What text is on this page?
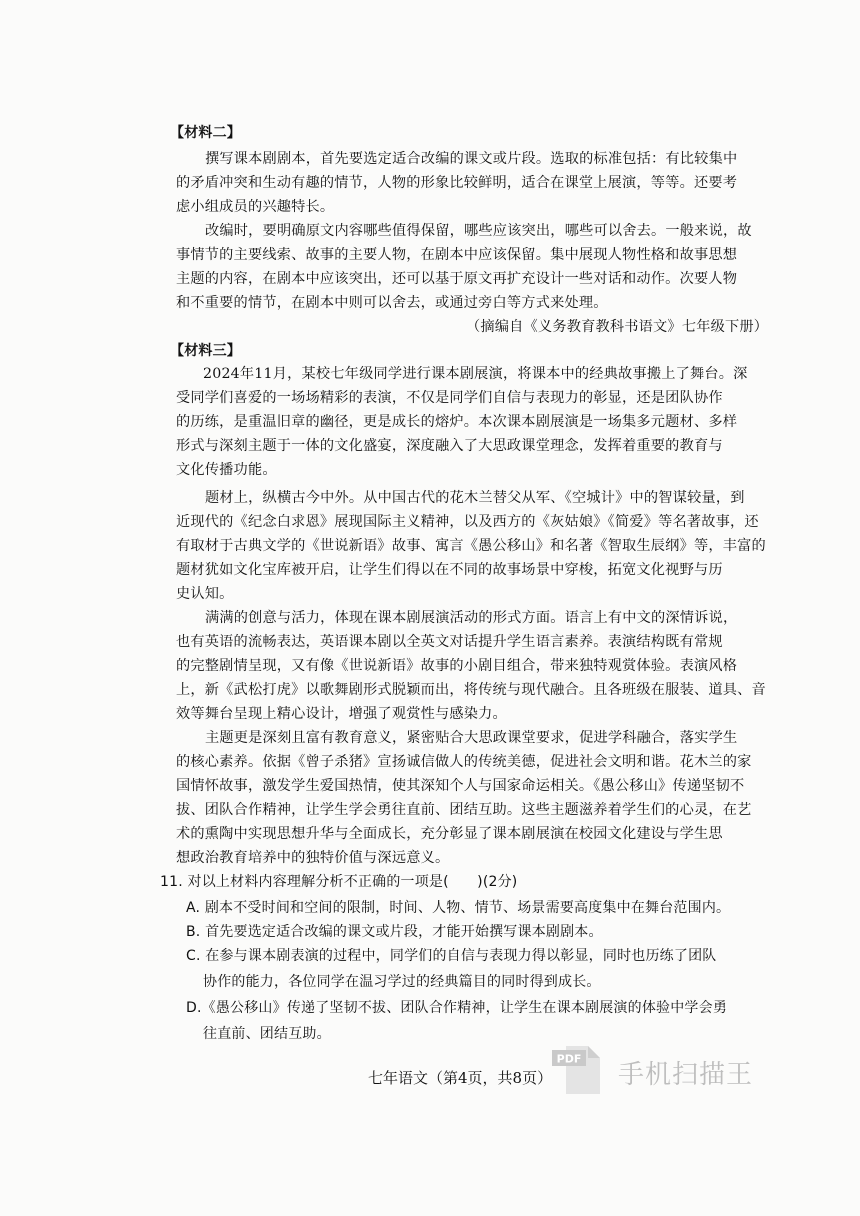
【材料二】
撰写课本剧剧本，首先要选定适合改编的课文或片段。选取的标准包括：有比较集中
的矛盾冲突和生动有趣的情节，人物的形象比较鲜明，适合在课堂上展演，等等。还要考
虑小组成员的兴趣特长。
改编时，要明确原文内容哪些值得保留，哪些应该突出，哪些可以舍去。一般来说，故
事情节的主要线索、故事的主要人物，在剧本中应该保留。集中展现人物性格和故事思想
主题的内容，在剧本中应该突出，还可以基于原文再扩充设计一些对话和动作。次要人物
和不重要的情节，在剧本中则可以舍去，或通过旁白等方式来处理。
（摘编自《义务教育教科书语文》七年级下册）
【材料三】
2024年11月，某校七年级同学进行课本剧展演，将课本中的经典故事搬上了舞台。深
受同学们喜爱的一场场精彩的表演，不仅是同学们自信与表现力的彰显，还是团队协作
的历练，是重温旧章的幽径，更是成长的熔炉。本次课本剧展演是一场集多元题材、多样
形式与深刻主题于一体的文化盛宴，深度融入了大思政课堂理念，发挥着重要的教育与
文化传播功能。
题材上，纵横古今中外。从中国古代的花木兰替父从军、《空城计》中的智谋较量，到
近现代的《纪念白求恩》展现国际主义精神，以及西方的《灰姑娘》《简爱》等名著故事，还
有取材于古典文学的《世说新语》故事、寓言《愚公移山》和名著《智取生辰纲》等，丰富的
题材犹如文化宝库被开启，让学生们得以在不同的故事场景中穿梭，拓宽文化视野与历
史认知。
满满的创意与活力，体现在课本剧展演活动的形式方面。语言上有中文的深情诉说，
也有英语的流畅表达，英语课本剧以全英文对话提升学生语言素养。表演结构既有常规
的完整剧情呈现，又有像《世说新语》故事的小剧目组合，带来独特观赏体验。表演风格
上，新《武松打虎》以歌舞剧形式脱颖而出，将传统与现代融合。且各班级在服装、道具、音
效等舞台呈现上精心设计，增强了观赏性与感染力。
主题更是深刻且富有教育意义，紧密贴合大思政课堂要求，促进学科融合，落实学生
的核心素养。依据《曾子杀猪》宣扬诚信做人的传统美德，促进社会文明和谐。花木兰的家
国情怀故事，激发学生爱国热情，使其深知个人与国家命运相关。《愚公移山》传递坚韧不
拔、团队合作精神，让学生学会勇往直前、团结互助。这些主题滋养着学生们的心灵，在艺
术的熏陶中实现思想升华与全面成长，充分彰显了课本剧展演在校园文化建设与学生思
想政治教育培养中的独特价值与深远意义。
11. 对以上材料内容理解分析不正确的一项是(　　)(2分)
A. 剧本不受时间和空间的限制，时间、人物、情节、场景需要高度集中在舞台范围内。
B. 首先要选定适合改编的课文或片段，才能开始撰写课本剧剧本。
C. 在参与课本剧表演的过程中，同学们的自信与表现力得以彰显，同时也历练了团队
协作的能力，各位同学在温习学过的经典篇目的同时得到成长。
D.《愚公移山》传递了坚韧不拔、团队合作精神，让学生在课本剧展演的体验中学会勇
往直前、团结互助。
七年语文（第4页，共8页）
PDF
手机扫描王
